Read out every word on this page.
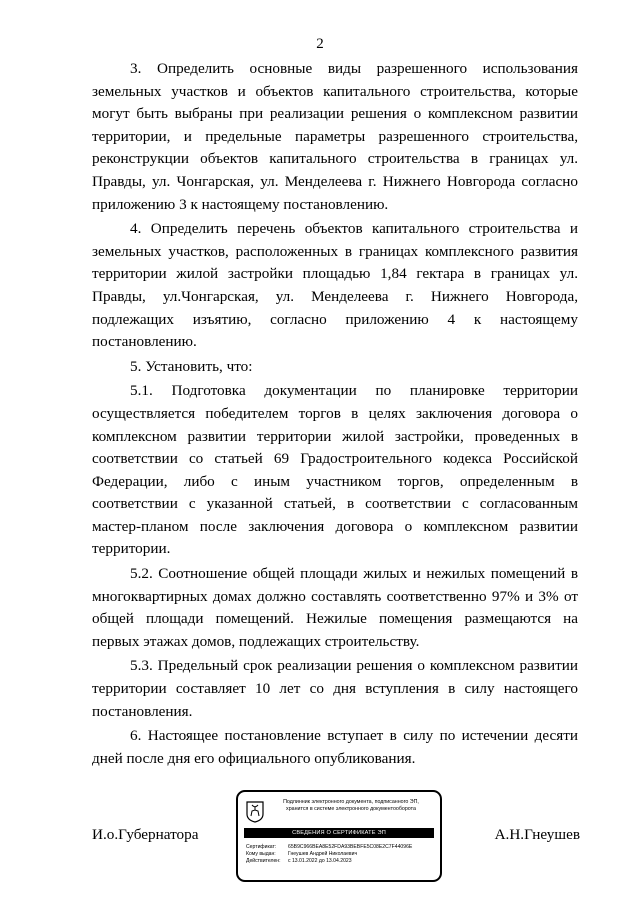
2

3. Определить основные виды разрешенного использования земельных участков и объектов капитального строительства, которые могут быть выбраны при реализации решения о комплексном развитии территории, и предельные параметры разрешенного строительства, реконструкции объектов капитального строительства в границах ул. Правды, ул. Чонгарская, ул. Менделеева г. Нижнего Новгорода согласно приложению 3 к настоящему постановлению.

4. Определить перечень объектов капитального строительства и земельных участков, расположенных в границах комплексного развития территории жилой застройки площадью 1,84 гектара в границах ул. Правды, ул.Чонгарская, ул. Менделеева г. Нижнего Новгорода, подлежащих изъятию, согласно приложению 4 к настоящему постановлению.

5. Установить, что:

5.1. Подготовка документации по планировке территории осуществляется победителем торгов в целях заключения договора о комплексном развитии территории жилой застройки, проведенных в соответствии со статьей 69 Градостроительного кодекса Российской Федерации, либо с иным участником торгов, определенным в соответствии с указанной статьей, в соответствии с согласованным мастер-планом после заключения договора о комплексном развитии территории.

5.2. Соотношение общей площади жилых и нежилых помещений в многоквартирных домах должно составлять соответственно 97% и 3% от общей площади помещений. Нежилые помещения размещаются на первых этажах домов, подлежащих строительству.

5.3. Предельный срок реализации решения о комплексном развитии территории составляет 10 лет со дня вступления в силу настоящего постановления.

6. Настоящее постановление вступает в силу по истечении десяти дней после дня его официального опубликования.

И.о.Губернатора	А.Н.Гнеушев
Подлинник электронного документа, подписанного ЭП,
хранится в системе электронного документооборота
СВЕДЕНИЯ О СЕРТИФИКАТЕ ЭП
Сертификат: 65B9C966BEA8E52FDA93BEBFE5C08E2C7F44096E
Кому выдан: Гнеушев Андрей Николаевич
Действителен: с 13.01.2022 до 13.04.2023
